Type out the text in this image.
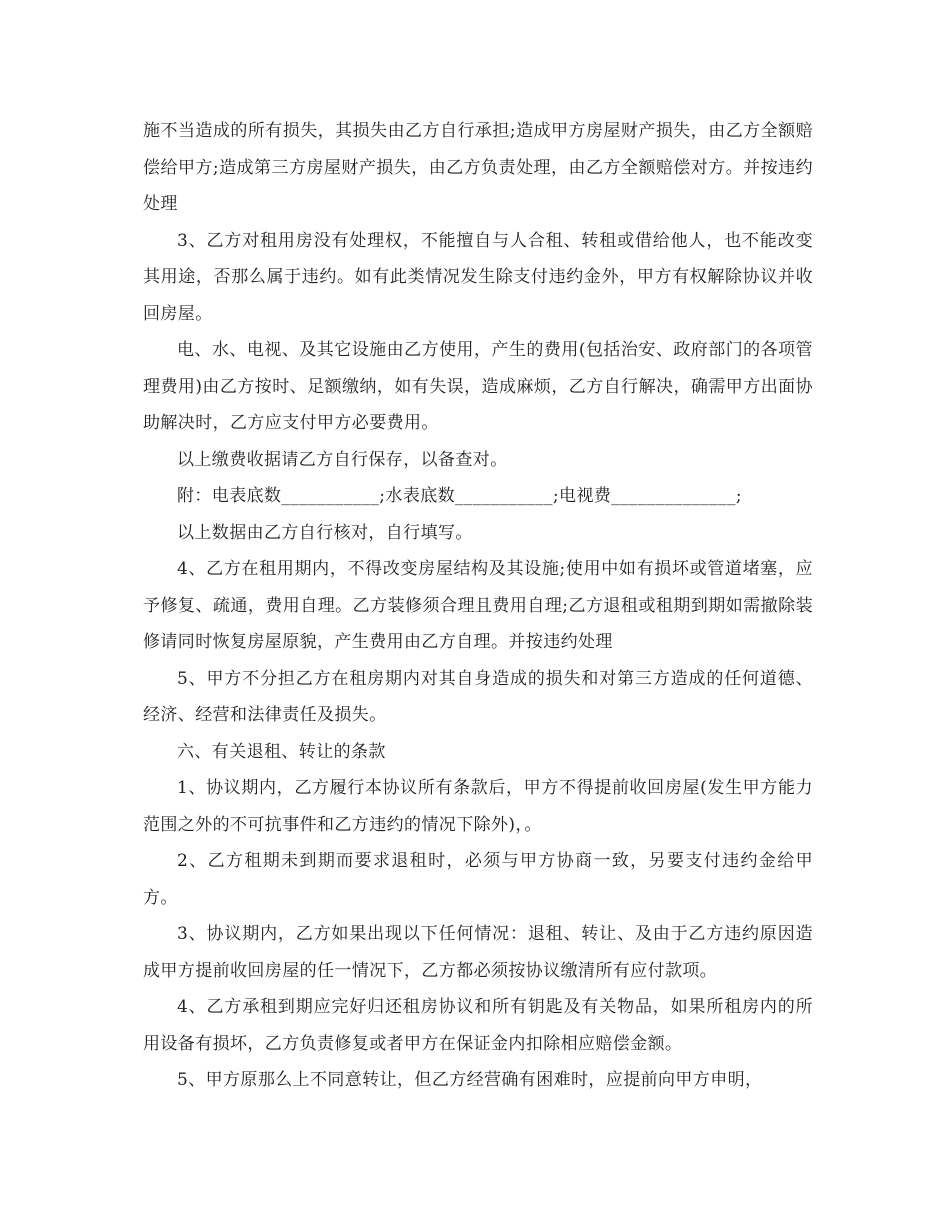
施不当造成的所有损失，其损失由乙方自行承担;造成甲方房屋财产损失，由乙方全额赔偿给甲方;造成第三方房屋财产损失，由乙方负责处理，由乙方全额赔偿对方。并按违约处理

3、乙方对租用房没有处理权，不能擅自与人合租、转租或借给他人，也不能改变其用途，否那么属于违约。如有此类情况发生除支付违约金外，甲方有权解除协议并收回房屋。

电、水、电视、及其它设施由乙方使用，产生的费用(包括治安、政府部门的各项管理费用)由乙方按时、足额缴纳，如有失误，造成麻烦，乙方自行解决，确需甲方出面协助解决时，乙方应支付甲方必要费用。

以上缴费收据请乙方自行保存，以备查对。

附：电表底数___________;水表底数___________;电视费______________;

以上数据由乙方自行核对，自行填写。

4、乙方在租用期内，不得改变房屋结构及其设施;使用中如有损坏或管道堵塞，应予修复、疏通，费用自理。乙方装修须合理且费用自理;乙方退租或租期到期如需撤除装修请同时恢复房屋原貌，产生费用由乙方自理。并按违约处理

5、甲方不分担乙方在租房期内对其自身造成的损失和对第三方造成的任何道德、经济、经营和法律责任及损失。

六、有关退租、转让的条款

1、协议期内，乙方履行本协议所有条款后，甲方不得提前收回房屋(发生甲方能力范围之外的不可抗事件和乙方违约的情况下除外)，。

2、乙方租期未到期而要求退租时，必须与甲方协商一致，另要支付违约金给甲方。

3、协议期内，乙方如果出现以下任何情况：退租、转让、及由于乙方违约原因造成甲方提前收回房屋的任一情况下，乙方都必须按协议缴清所有应付款项。

4、乙方承租到期应完好归还租房协议和所有钥匙及有关物品，如果所租房内的所用设备有损坏，乙方负责修复或者甲方在保证金内扣除相应赔偿金额。

5、甲方原那么上不同意转让，但乙方经营确有困难时，应提前向甲方申明，
